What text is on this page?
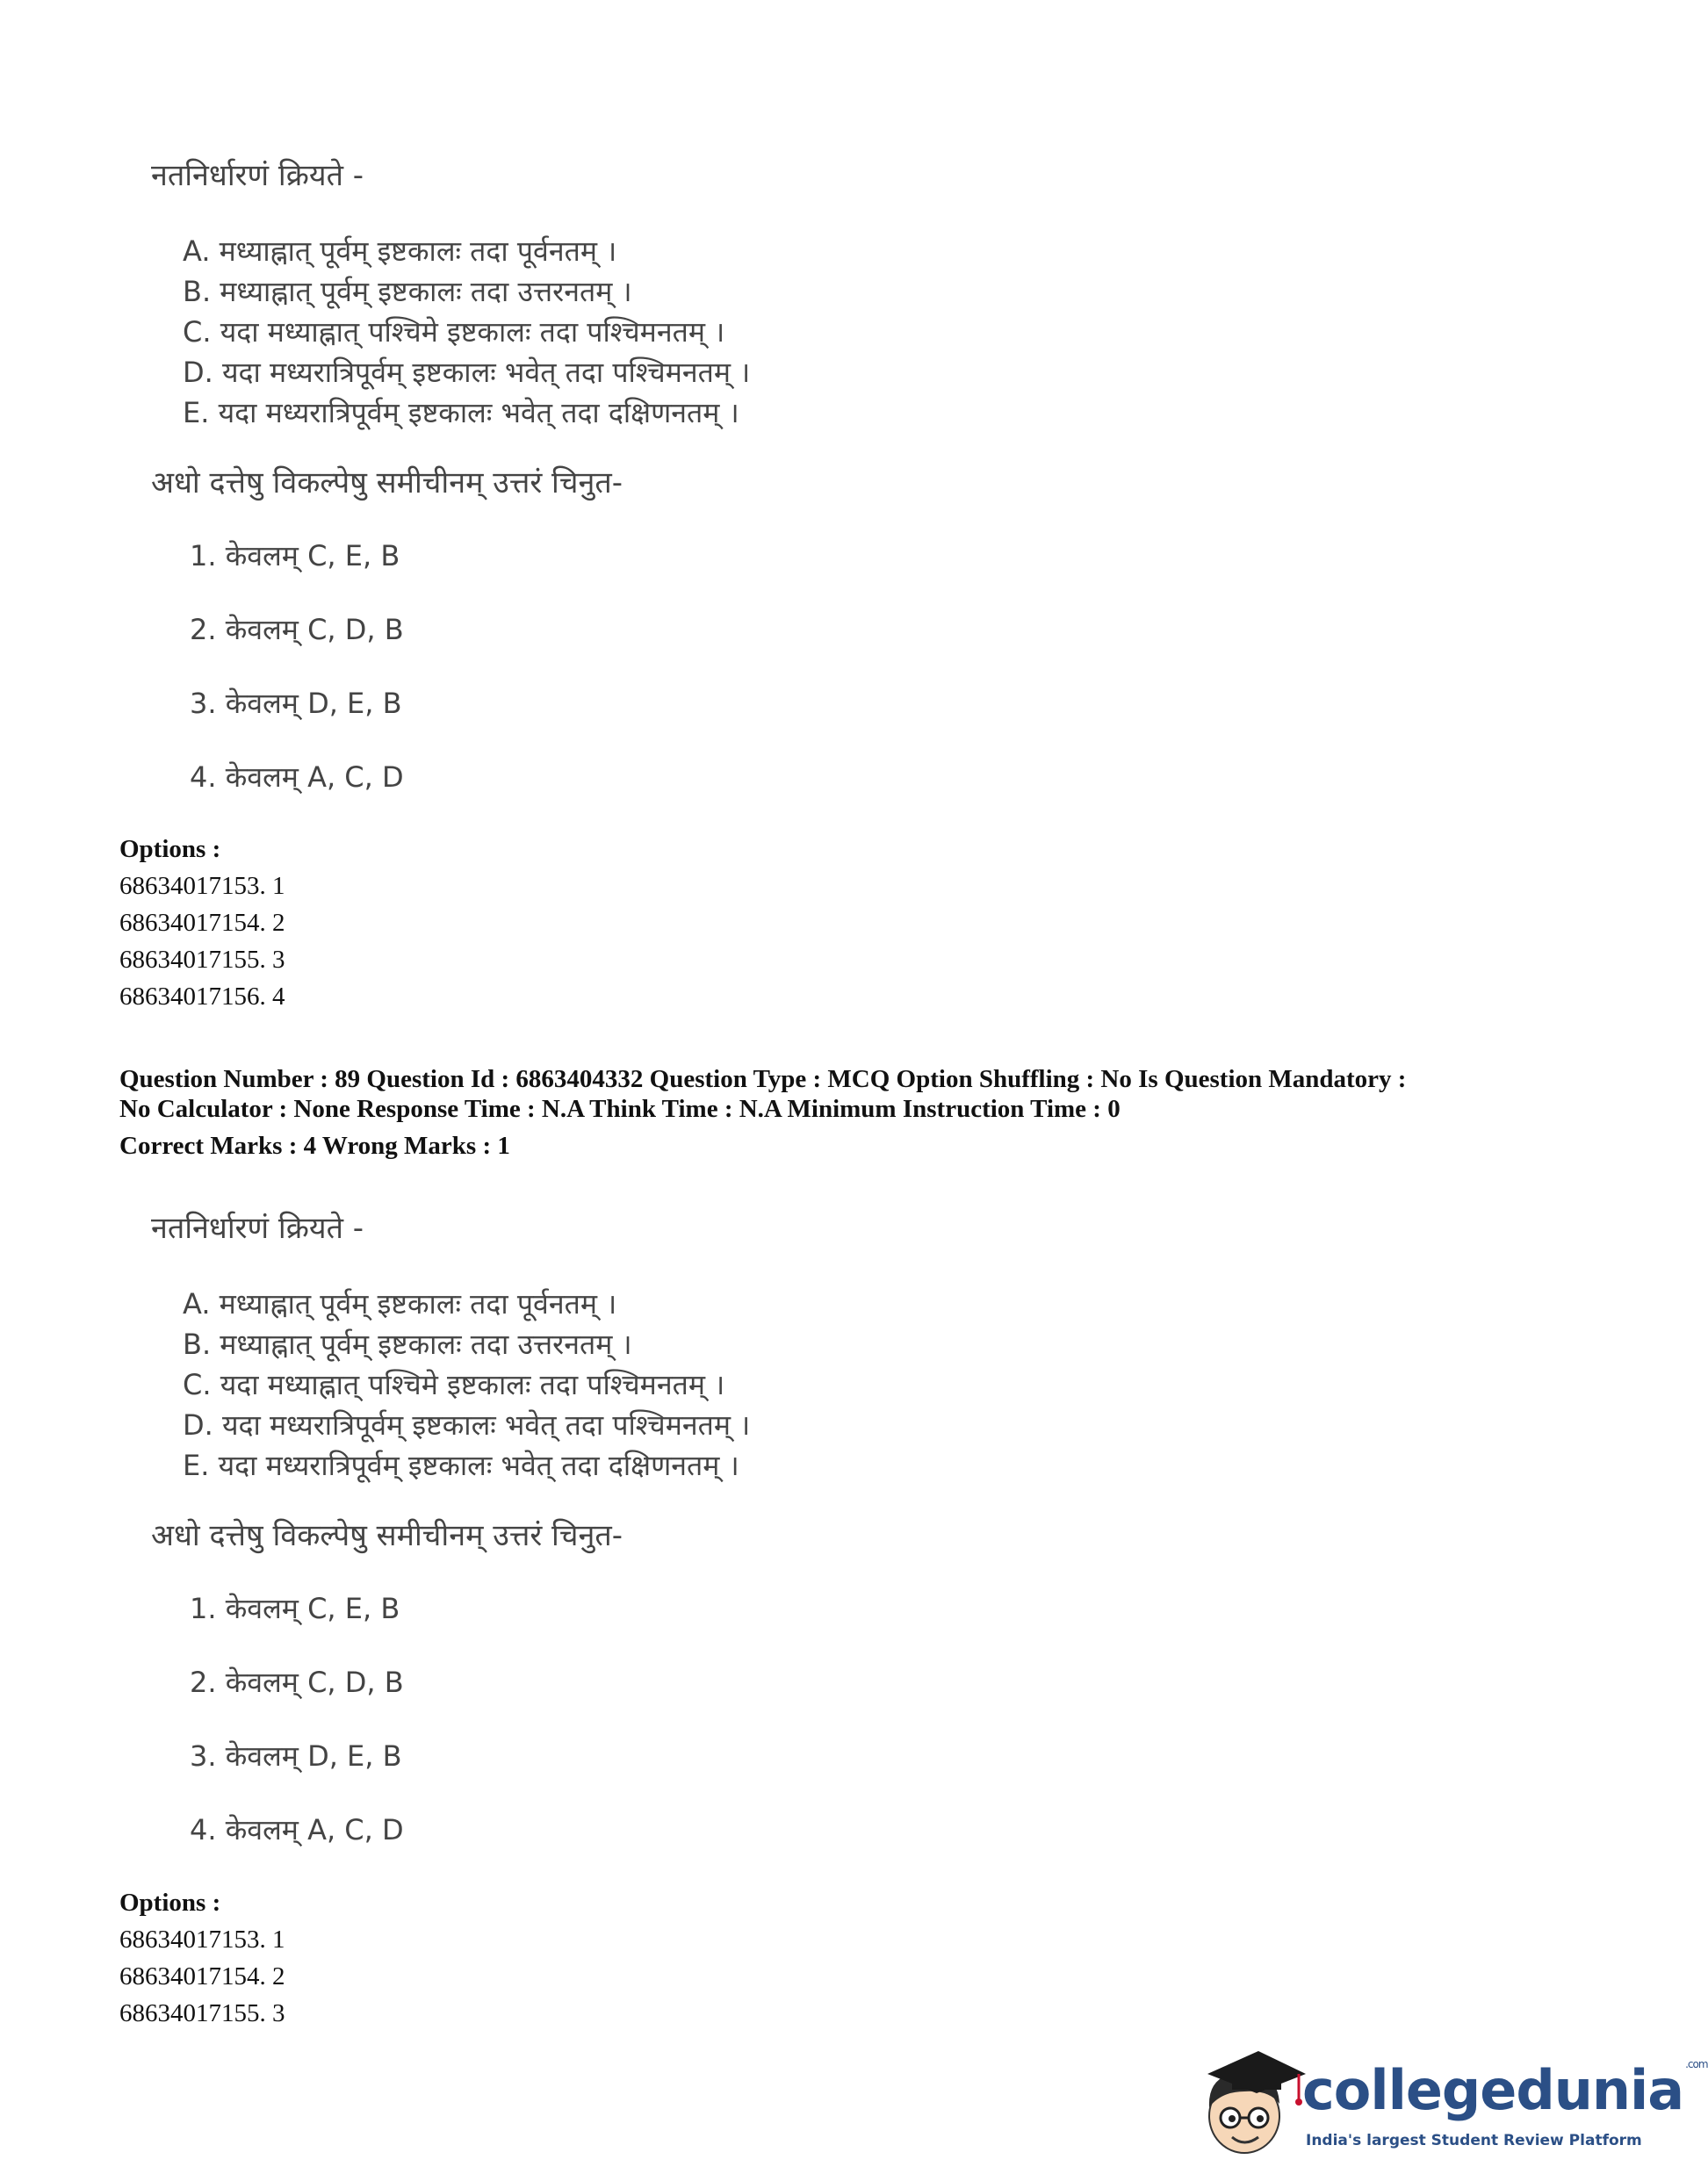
नतनिर्धारणं क्रियते -

A. मध्याह्नात् पूर्वम् इष्टकालः तदा पूर्वनतम् ।
B. मध्याह्नात् पूर्वम् इष्टकालः तदा उत्तरनतम् ।
C. यदा मध्याह्नात् पश्चिमे इष्टकालः तदा पश्चिमनतम् ।
D. यदा मध्यरात्रिपूर्वम् इष्टकालः भवेत् तदा पश्चिमनतम् ।
E. यदा मध्यरात्रिपूर्वम् इष्टकालः भवेत् तदा दक्षिणनतम् ।

अधो दत्तेषु विकल्पेषु समीचीनम् उत्तरं चिनुत-

1. केवलम् C, E, B
2. केवलम् C, D, B
3. केवलम् D, E, B
4. केवलम् A, C, D
Options :
68634017153. 1
68634017154. 2
68634017155. 3
68634017156. 4
Question Number : 89 Question Id : 6863404332 Question Type : MCQ Option Shuffling : No Is Question Mandatory :
No Calculator : None Response Time : N.A Think Time : N.A Minimum Instruction Time : 0
Correct Marks : 4 Wrong Marks : 1

नतनिर्धारणं क्रियते -

A. मध्याह्नात् पूर्वम् इष्टकालः तदा पूर्वनतम् ।
B. मध्याह्नात् पूर्वम् इष्टकालः तदा उत्तरनतम् ।
C. यदा मध्याह्नात् पश्चिमे इष्टकालः तदा पश्चिमनतम् ।
D. यदा मध्यरात्रिपूर्वम् इष्टकालः भवेत् तदा पश्चिमनतम् ।
E. यदा मध्यरात्रिपूर्वम् इष्टकालः भवेत् तदा दक्षिणनतम् ।

अधो दत्तेषु विकल्पेषु समीचीनम् उत्तरं चिनुत-

1. केवलम् C, E, B
2. केवलम् C, D, B
3. केवलम् D, E, B
4. केवलम् A, C, D
Options :
68634017153. 1
68634017154. 2
68634017155. 3
collegedunia $^{.com}$
India's largest Student Review Platform
